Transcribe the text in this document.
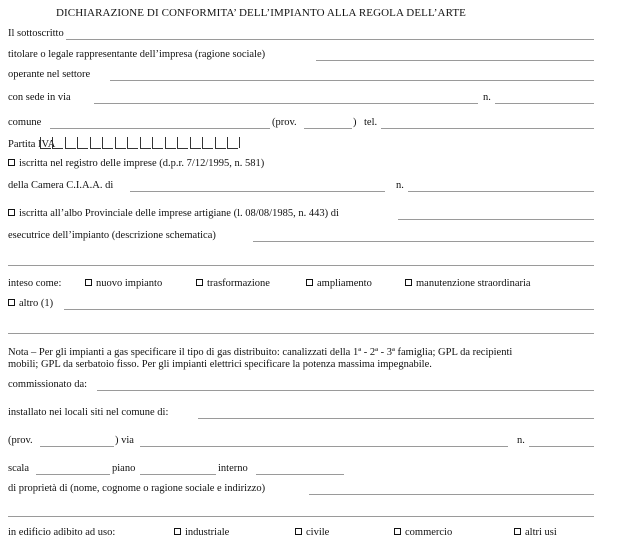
DICHIARAZIONE DI CONFORMITA’ DELL’IMPIANTO ALLA REGOLA DELL’ARTE
Il sottoscritto
titolare o legale rappresentante dell’impresa (ragione sociale)
operante nel settore
con sede in via	n.
comune	(prov.	) tel.
Partita IVA
iscritta nel registro delle imprese (d.p.r. 7/12/1995, n. 581)
della Camera C.I.A.A. di	n.
iscritta all’albo Provinciale delle imprese artigiane (l. 08/08/1985, n. 443) di
esecutrice dell’impianto (descrizione schematica)
inteso come:	nuovo impianto	trasformazione	ampliamento	manutenzione straordinaria
altro (1)
Nota – Per gli impianti a gas specificare il tipo di gas distribuito: canalizzati della 1ª - 2ª - 3ª famiglia; GPL da recipienti
mobili; GPL da serbatoio fisso. Per gli impianti elettrici specificare la potenza massima impegnabile.
commissionato da:
installato nei locali siti nel comune di:
(prov.	) via	n.
scala	piano	interno
di proprietà di (nome, cognome o ragione sociale e indirizzo)
in edificio adibito ad uso:	industriale	civile	commercio	altri usi
